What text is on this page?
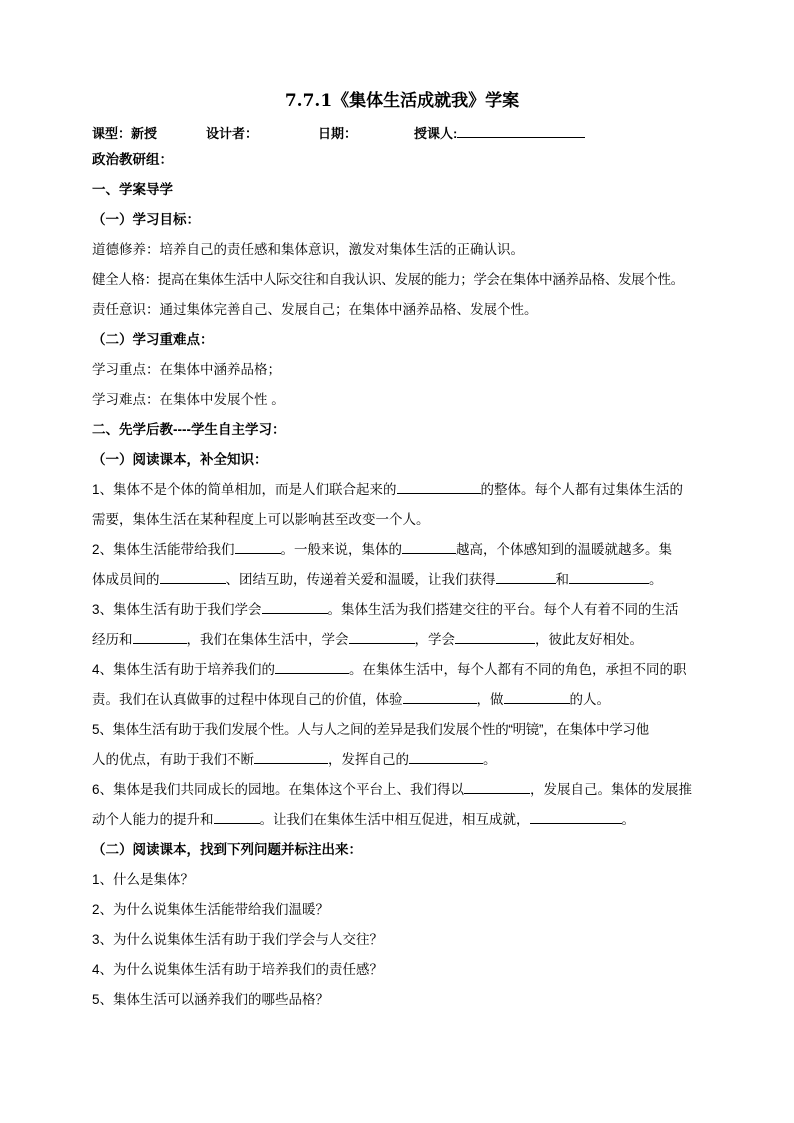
7.7.1《集体生活成就我》学案
课型：新授	设计者：	日期：	授课人:

政治教研组：

一、学案导学

（一）学习目标：

道德修养：培养自己的责任感和集体意识，激发对集体生活的正确认识。

健全人格：提高在集体生活中人际交往和自我认识、发展的能力；学会在集体中涵养品格、发展个性。

责任意识：通过集体完善自己、发展自己；在集体中涵养品格、发展个性。

（二）学习重难点：

学习重点：在集体中涵养品格；

学习难点：在集体中发展个性 。

二、先学后教----学生自主学习：

（一）阅读课本，补全知识：

1、集体不是个体的简单相加，而是人们联合起来的	的整体。每个人都有过集体生活的

需要，集体生活在某种程度上可以影响甚至改变一个人。

2、集体生活能带给我们	。一般来说，集体的	越高，个体感知到的温暖就越多。集

体成员间的	、团结互助，传递着关爱和温暖，让我们获得	和	。

3、集体生活有助于我们学会	。集体生活为我们搭建交往的平台。每个人有着不同的生活

经历和	，我们在集体生活中，学会	，学会	，彼此友好相处。

4、集体生活有助于培养我们的	。在集体生活中，每个人都有不同的角色，承担不同的职

责。我们在认真做事的过程中体现自己的价值，体验	，做	的人。

5、集体生活有助于我们发展个性。人与人之间的差异是我们发展个性的“明镜”，在集体中学习他

人的优点，有助于我们不断	，发挥自己的	。

6、集体是我们共同成长的园地。在集体这个平台上、我们得以	，发展自己。集体的发展推

动个人能力的提升和	。让我们在集体生活中相互促进，相互成就，	。

（二）阅读课本，找到下列问题并标注出来：

1、什么是集体？

2、为什么说集体生活能带给我们温暖？

3、为什么说集体生活有助于我们学会与人交往？

4、为什么说集体生活有助于培养我们的责任感？

5、集体生活可以涵养我们的哪些品格？
